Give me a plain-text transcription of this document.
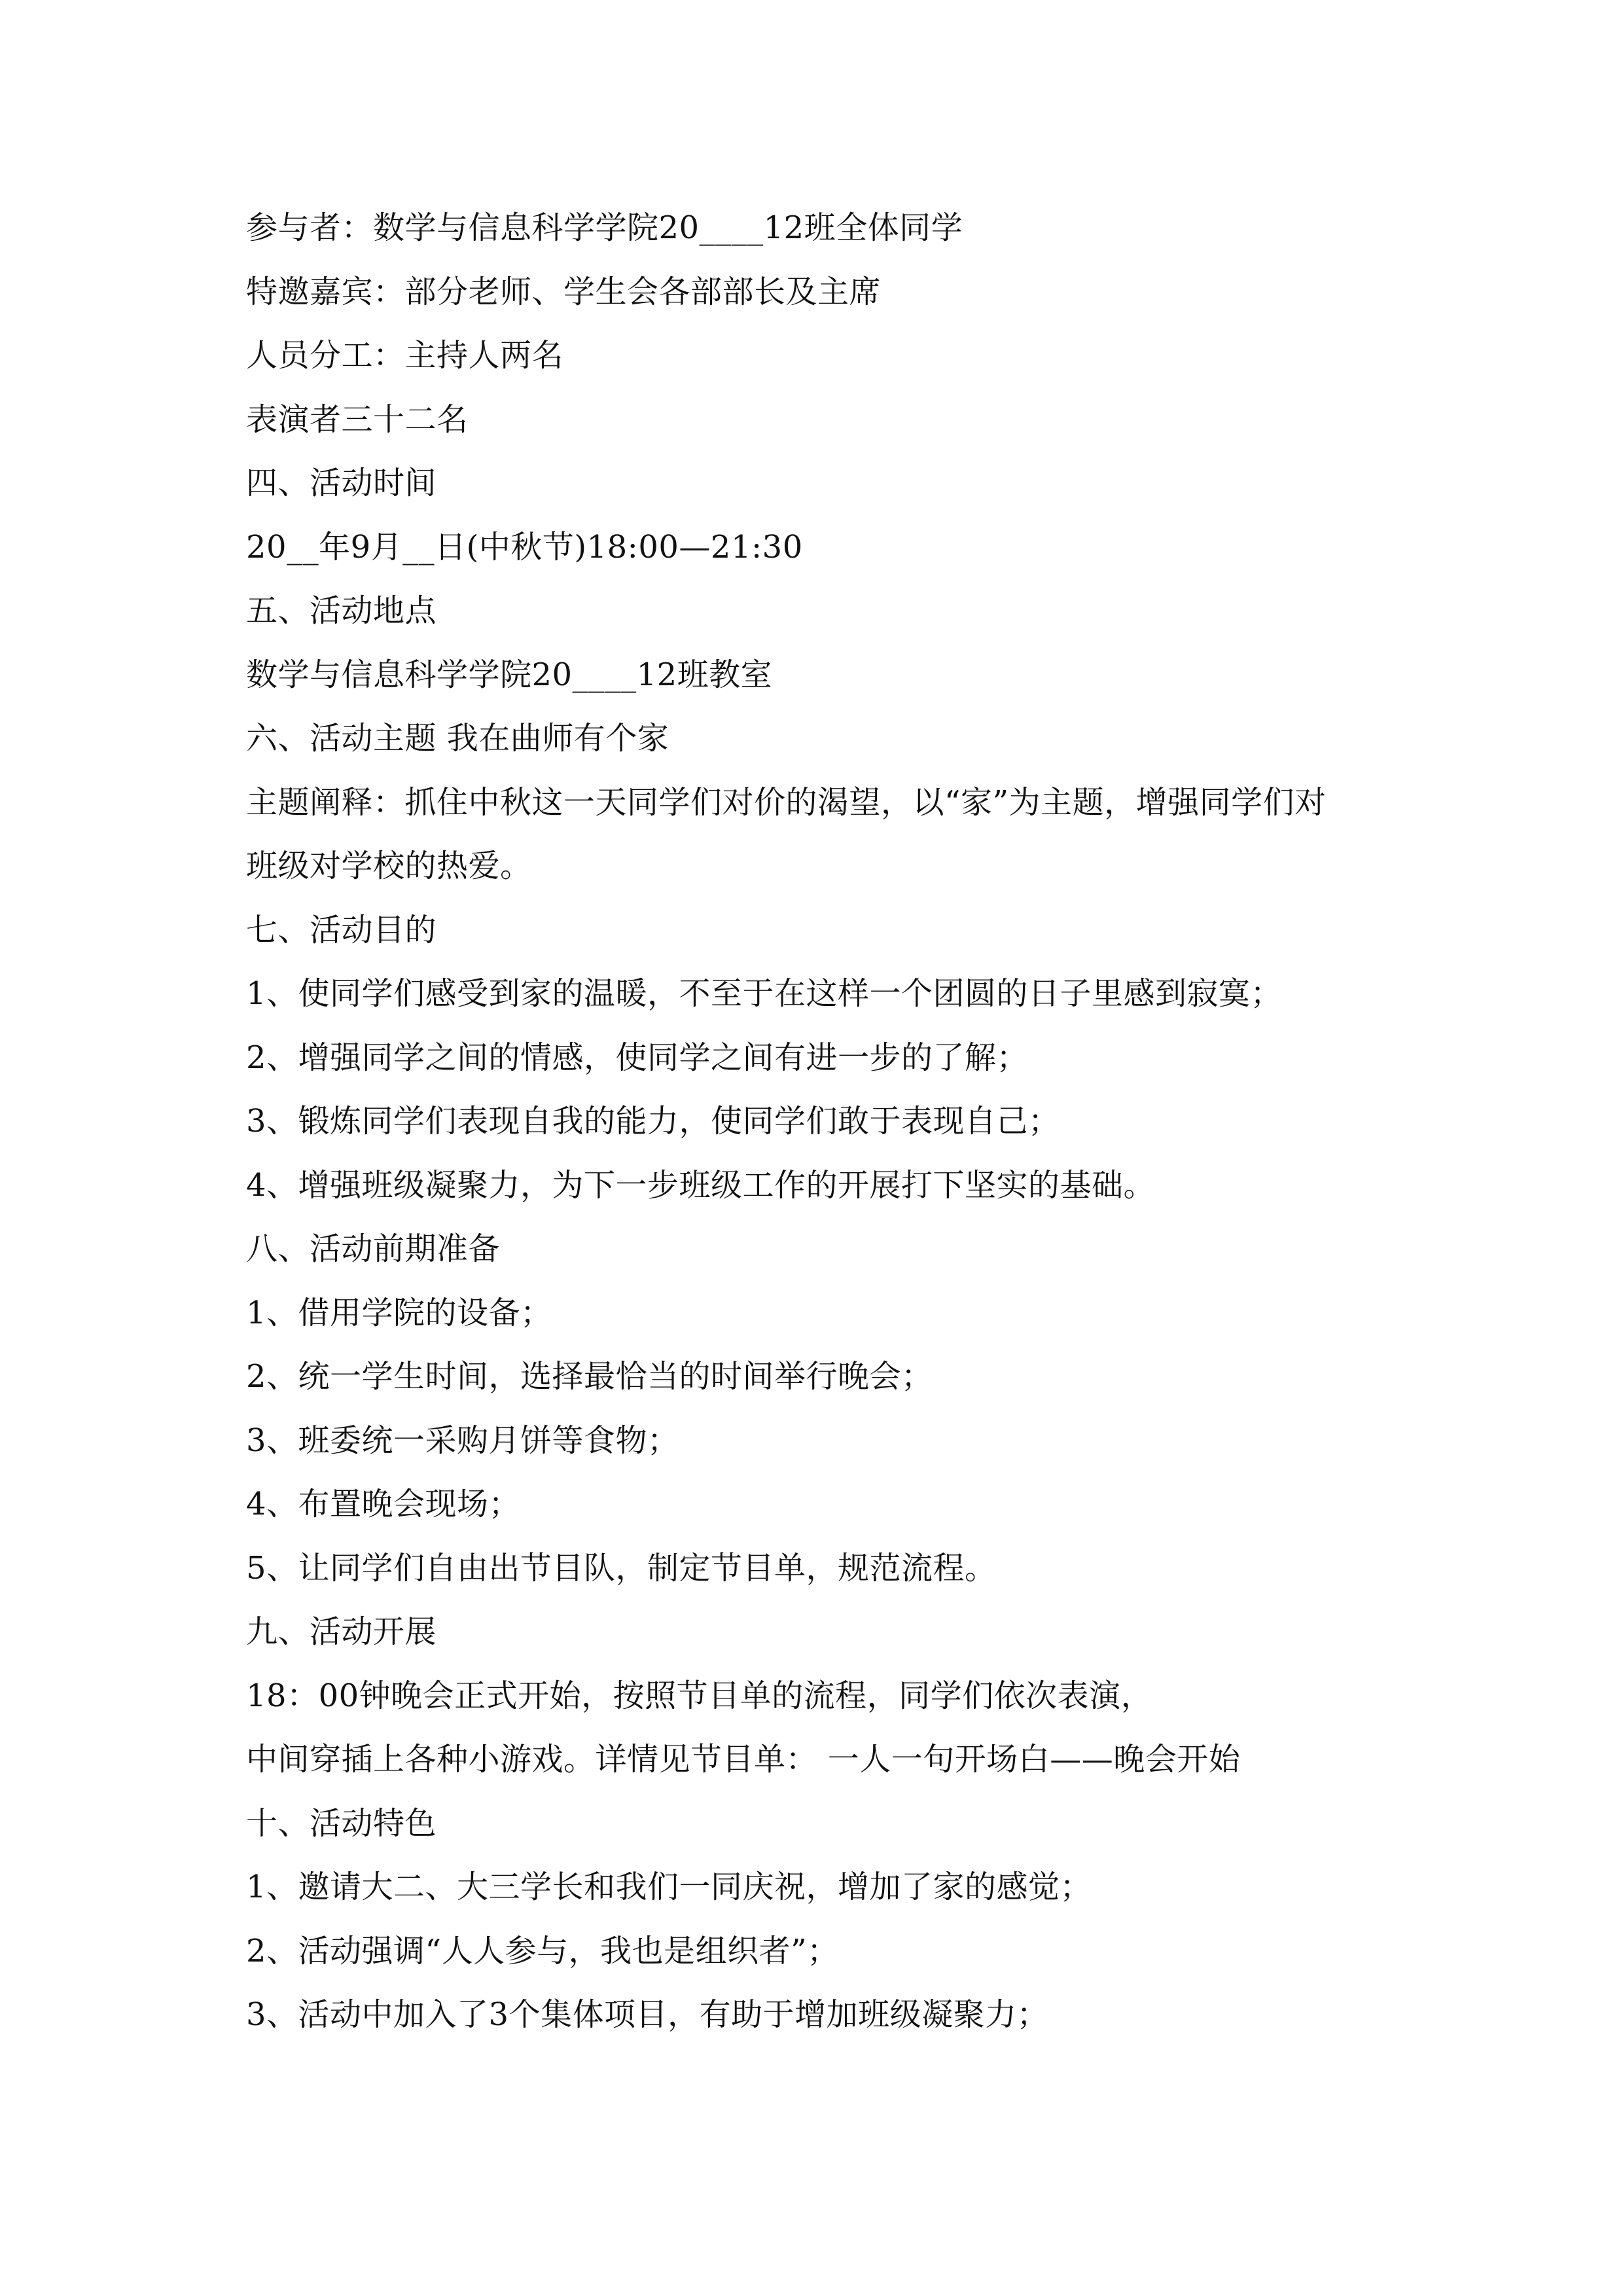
参与者：数学与信息科学学院20____12班全体同学
特邀嘉宾：部分老师、学生会各部部长及主席
人员分工：主持人两名
表演者三十二名
四、活动时间
20__年9月__日(中秋节)18:00—21:30
五、活动地点
数学与信息科学学院20____12班教室
六、活动主题 我在曲师有个家
主题阐释：抓住中秋这一天同学们对价的渴望，以“家”为主题，增强同学们对
班级对学校的热爱。
七、活动目的
1、使同学们感受到家的温暖，不至于在这样一个团圆的日子里感到寂寞；
2、增强同学之间的情感，使同学之间有进一步的了解；
3、锻炼同学们表现自我的能力，使同学们敢于表现自己；
4、增强班级凝聚力，为下一步班级工作的开展打下坚实的基础。
八、活动前期准备
1、借用学院的设备；
2、统一学生时间，选择最恰当的时间举行晚会；
3、班委统一采购月饼等食物；
4、布置晚会现场；
5、让同学们自由出节目队，制定节目单，规范流程。
九、活动开展
18：00钟晚会正式开始，按照节目单的流程，同学们依次表演，
中间穿插上各种小游戏。详情见节目单： 一人一句开场白——晚会开始
十、活动特色
1、邀请大二、大三学长和我们一同庆祝，增加了家的感觉；
2、活动强调“人人参与，我也是组织者”；
3、活动中加入了3个集体项目，有助于增加班级凝聚力；
